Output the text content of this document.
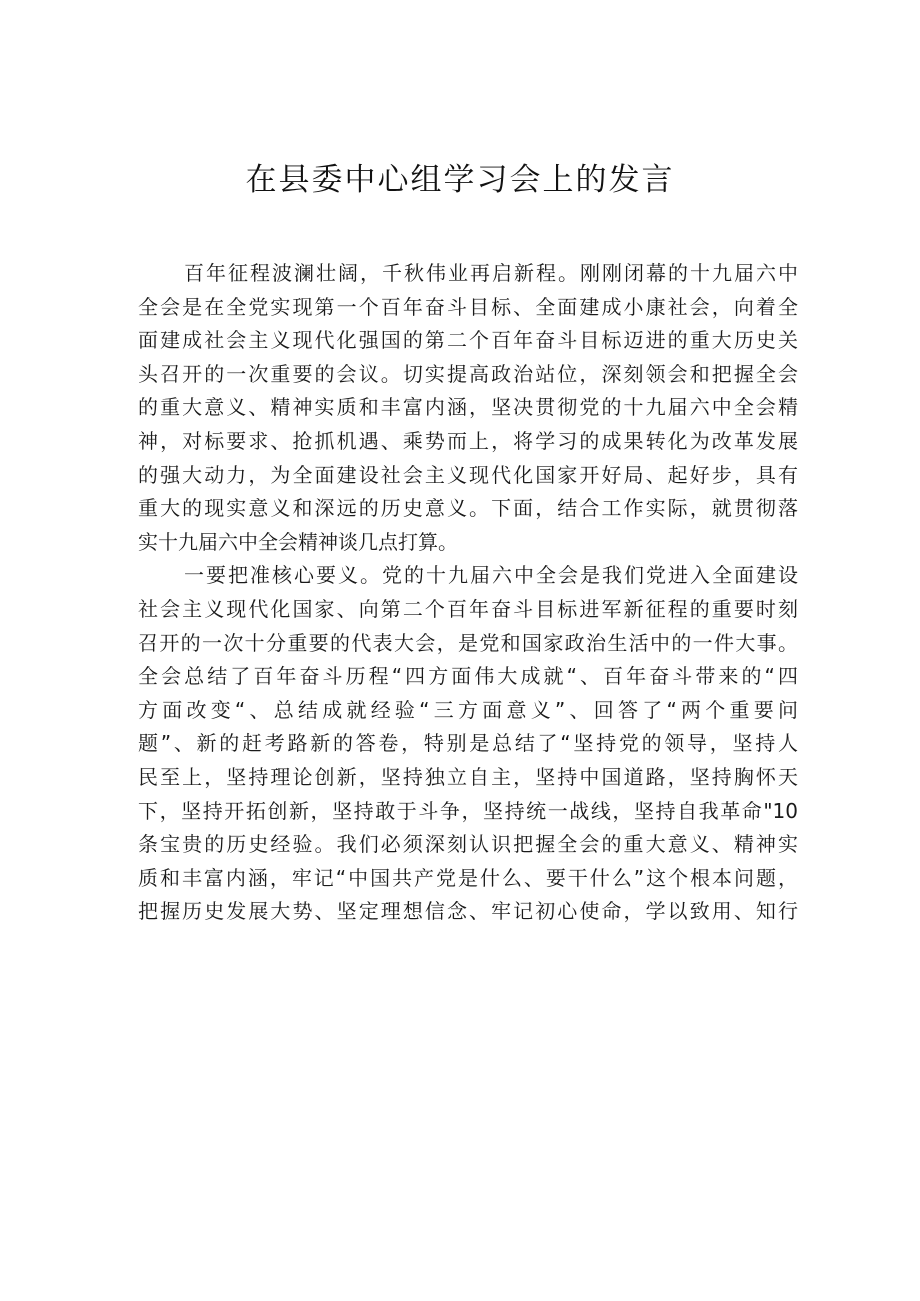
在县委中心组学习会上的发言
百年征程波澜壮阔，千秋伟业再启新程。刚刚闭幕的十九届六中
全会是在全党实现第一个百年奋斗目标、全面建成小康社会，向着全
面建成社会主义现代化强国的第二个百年奋斗目标迈进的重大历史关
头召开的一次重要的会议。切实提高政治站位，深刻领会和把握全会
的重大意义、精神实质和丰富内涵，坚决贯彻党的十九届六中全会精
神，对标要求、抢抓机遇、乘势而上，将学习的成果转化为改革发展
的强大动力，为全面建设社会主义现代化国家开好局、起好步，具有
重大的现实意义和深远的历史意义。下面，结合工作实际，就贯彻落
实十九届六中全会精神谈几点打算。
一要把准核心要义。党的十九届六中全会是我们党进入全面建设
社会主义现代化国家、向第二个百年奋斗目标进军新征程的重要时刻
召开的一次十分重要的代表大会，是党和国家政治生活中的一件大事。
全会总结了百年奋斗历程“四方面伟大成就“、百年奋斗带来的“四
方面改变“、总结成就经验“三方面意义”、回答了“两个重要问
题”、新的赶考路新的答卷，特别是总结了“坚持党的领导，坚持人
民至上，坚持理论创新，坚持独立自主，坚持中国道路，坚持胸怀天
下，坚持开拓创新，坚持敢于斗争，坚持统一战线，坚持自我革命"10
条宝贵的历史经验。我们必须深刻认识把握全会的重大意义、精神实
质和丰富内涵，牢记“中国共产党是什么、要干什么”这个根本问题，
把握历史发展大势、坚定理想信念、牢记初心使命，学以致用、知行
